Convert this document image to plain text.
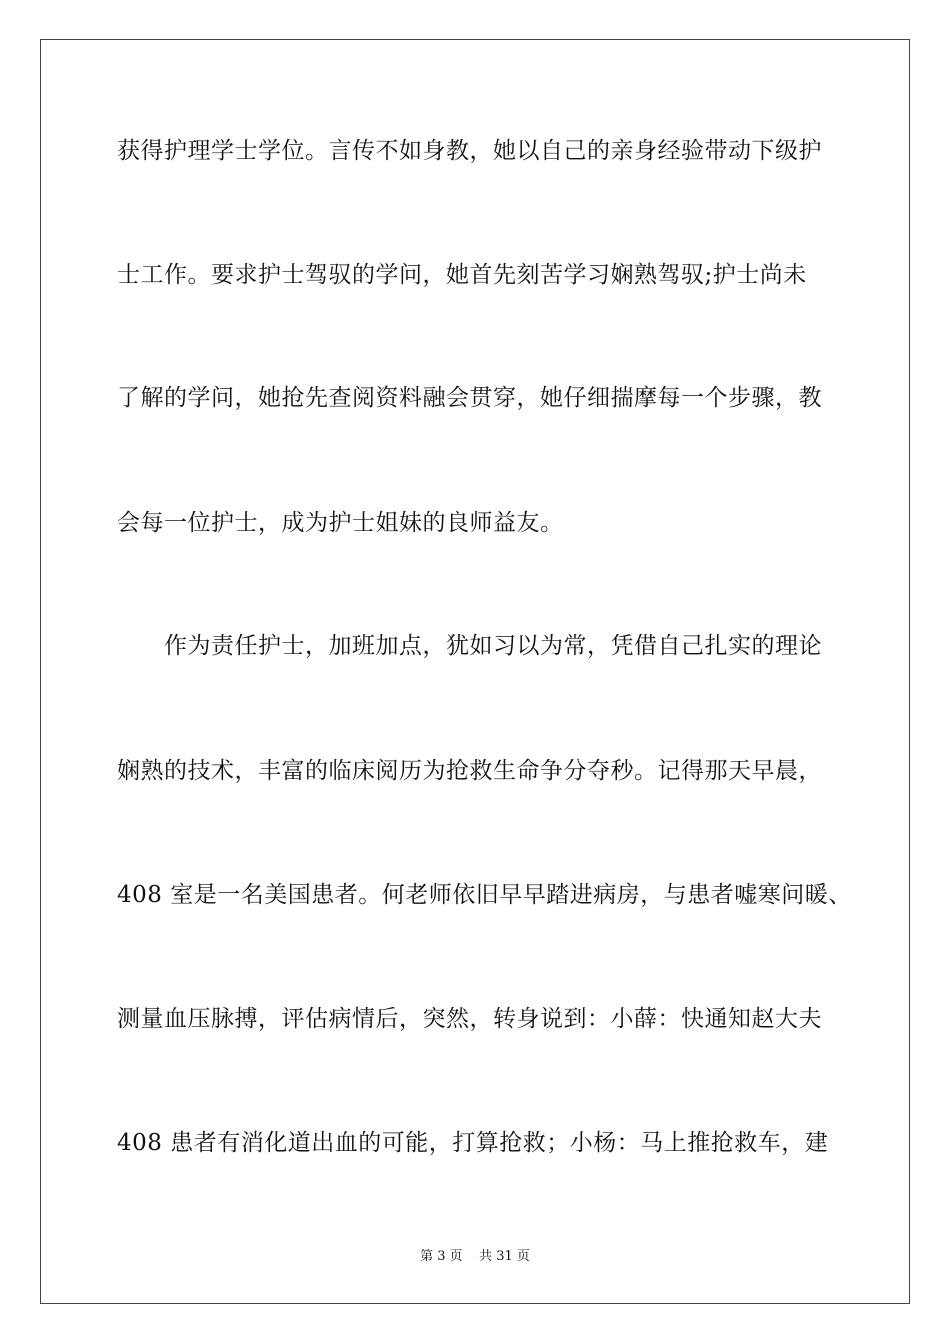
获得护理学士学位。言传不如身教，她以自己的亲身经验带动下级护
士工作。要求护士驾驭的学问，她首先刻苦学习娴熟驾驭;护士尚未
了解的学问，她抢先查阅资料融会贯穿，她仔细揣摩每一个步骤，教
会每一位护士，成为护士姐妹的良师益友。
　　作为责任护士，加班加点，犹如习以为常，凭借自己扎实的理论
娴熟的技术，丰富的临床阅历为抢救生命争分夺秒。记得那天早晨，
408 室是一名美国患者。何老师依旧早早踏进病房，与患者嘘寒问暖、
测量血压脉搏，评估病情后，突然，转身说到：小薛：快通知赵大夫
408 患者有消化道出血的可能，打算抢救；小杨：马上推抢救车，建
第 3 页    共 31 页
